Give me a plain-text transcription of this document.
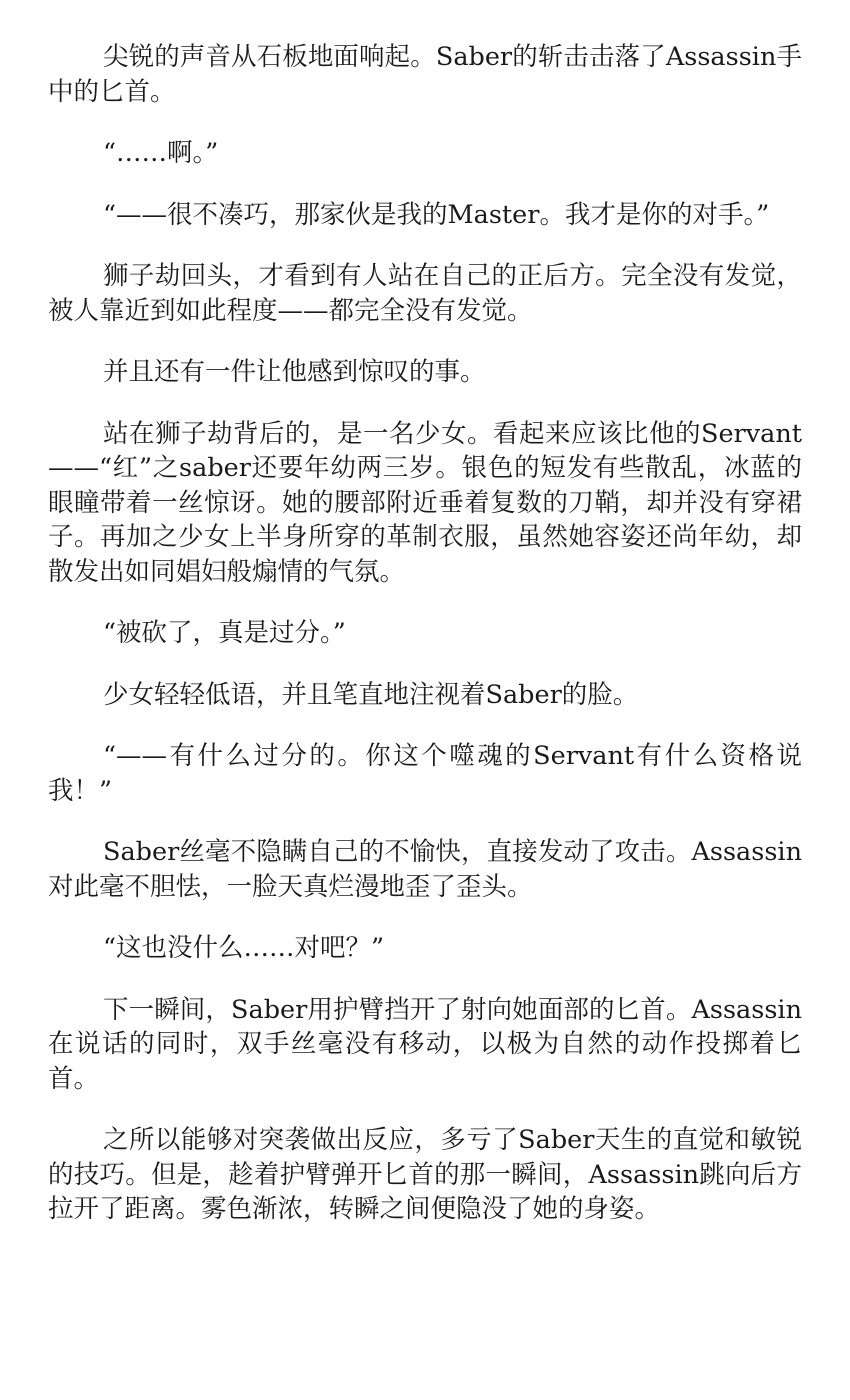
尖锐的声音从石板地面响起。Saber的斩击击落了Assassin手中的匕首。

“……啊。”

“——很不凑巧，那家伙是我的Master。我才是你的对手。”

狮子劫回头，才看到有人站在自己的正后方。完全没有发觉，被人靠近到如此程度——都完全没有发觉。

并且还有一件让他感到惊叹的事。

站在狮子劫背后的，是一名少女。看起来应该比他的Servant——“红”之saber还要年幼两三岁。银色的短发有些散乱，冰蓝的眼瞳带着一丝惊讶。她的腰部附近垂着复数的刀鞘，却并没有穿裙子。再加之少女上半身所穿的革制衣服，虽然她容姿还尚年幼，却散发出如同娼妇般煽情的气氛。

“被砍了，真是过分。”

少女轻轻低语，并且笔直地注视着Saber的脸。

“——有什么过分的。你这个噬魂的Servant有什么资格说我！”

Saber丝毫不隐瞒自己的不愉快，直接发动了攻击。Assassin对此毫不胆怯，一脸天真烂漫地歪了歪头。

“这也没什么……对吧？”

下一瞬间，Saber用护臂挡开了射向她面部的匕首。Assassin在说话的同时，双手丝毫没有移动，以极为自然的动作投掷着匕首。

之所以能够对突袭做出反应，多亏了Saber天生的直觉和敏锐的技巧。但是，趁着护臂弹开匕首的那一瞬间，Assassin跳向后方拉开了距离。雾色渐浓，转瞬之间便隐没了她的身姿。
